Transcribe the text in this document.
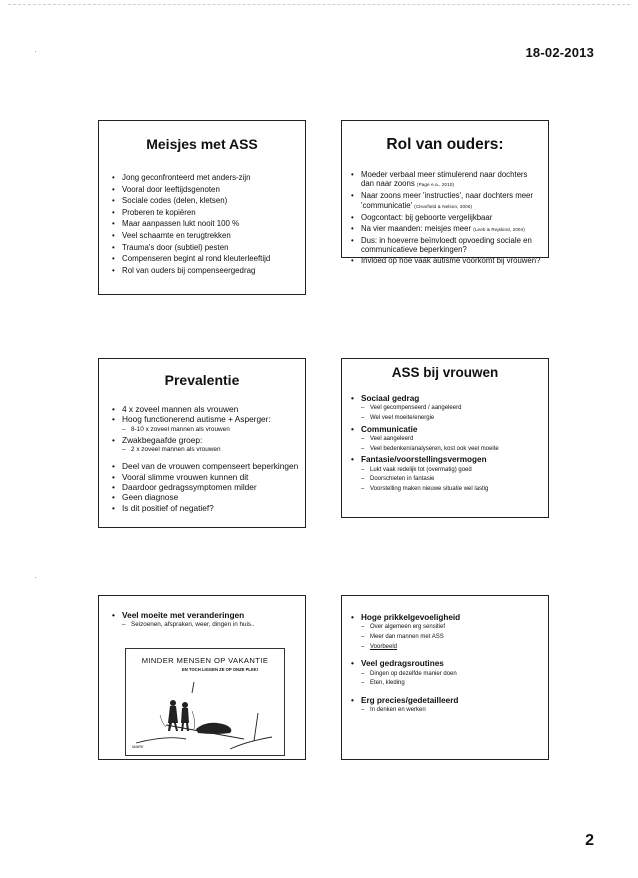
18-02-2013
·
·
Meisjes met ASS
• Jong geconfronteerd met anders-zijn
• Vooral door leeftijdsgenoten
• Sociale codes (delen, kletsen)
• Proberen te kopiëren
• Maar aanpassen lukt nooit 100 %
• Veel schaamte en terugtrekken
• Trauma's door (subtiel) pesten
• Compenseren begint al rond kleuterleeftijd
• Rol van ouders bij compenseergedrag
Rol van ouders:
• Moeder verbaal meer stimulerend naar dochters dan naar zoons (Page e.a., 2010)
• Naar zoons meer 'instructies', naar dochters meer 'communicatie' (Clearfield & Nelson, 2006)
• Oogcontact: bij geboorte vergelijkbaar
• Na vier maanden: meisjes meer (Leeb & Rejskind, 2004)
• Dus: in hoeverre beïnvloedt opvoeding sociale en communicatieve beperkingen?
• Invloed op hoe vaak autisme voorkomt bij vrouwen?
Prevalentie
• 4 x zoveel mannen als vrouwen
• Hoog functionerend autisme + Asperger:
– 8-10 x zoveel mannen als vrouwen
• Zwakbegaafde groep:
– 2 x zoveel mannen als vrouwen
• Deel van de vrouwen compenseert beperkingen
• Vooral slimme vrouwen kunnen dit
• Daardoor gedragssymptomen milder
• Geen diagnose
• Is dit positief of negatief?
ASS bij vrouwen
• Sociaal gedrag
– Veel gecompenseerd / aangeleerd
– Wel veel moeite/energie
• Communicatie
– Veel aangeleerd
– Veel bedenken/analyseren, kost ook veel moeite
• Fantasie/voorstellingsvermogen
– Lukt vaak redelijk tot (overmatig) goed
– Doorschieten in fantasie
– Voorstelling maken nieuwe situatie wel lastig
• Veel moeite met veranderingen
– Seizoenen, afspraken, weer, dingen in huis..
MINDER MENSEN OP VAKANTIE
EN TOCH LIGGEN ZE OP ONZE PLEK!
MARK
• Hoge prikkelgevoeligheid
– Over algemeen erg sensitief
– Meer dan mannen met ASS
– Voorbeeld
• Veel gedragsroutines
– Dingen op dezelfde manier doen
– Eten, kleding
• Erg precies/gedetailleerd
– In denken en werken
2
